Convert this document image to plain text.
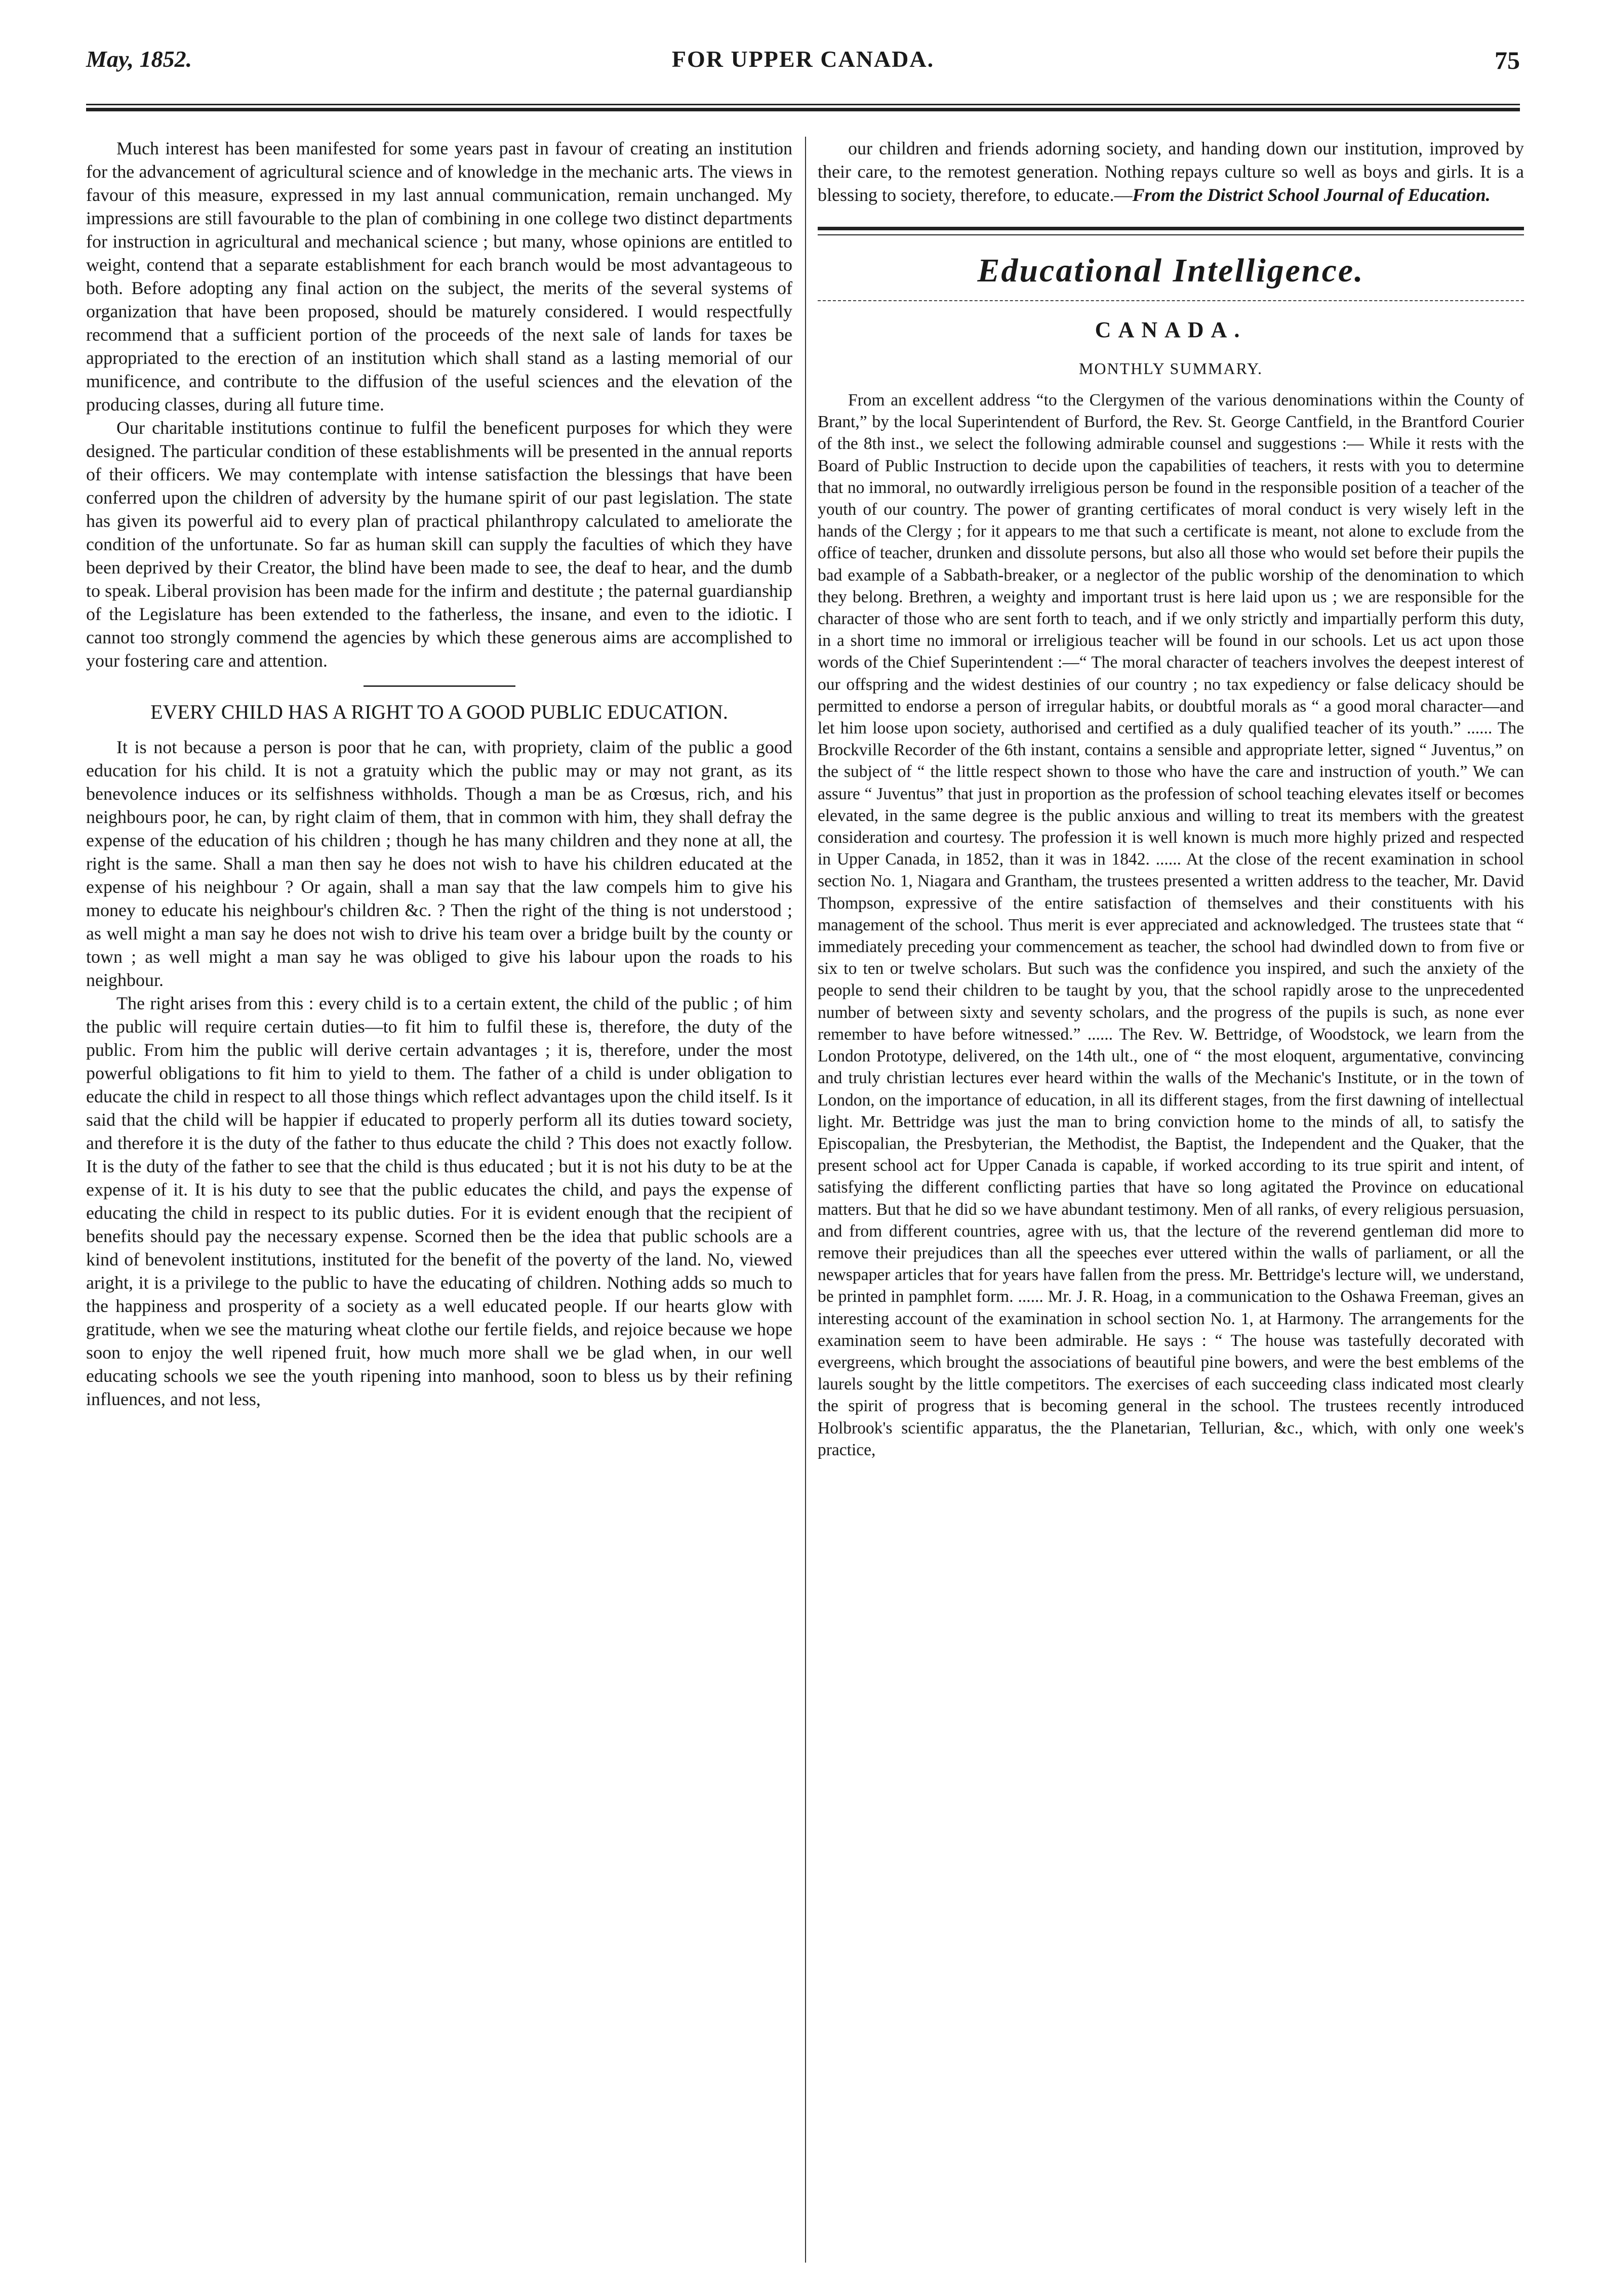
FOR UPPER CANADA.
May, 1852.	75

Much interest has been manifested for some years past in favour of creating an institution for the advancement of agricultural science and of knowledge in the mechanic arts. The views in favour of this measure, expressed in my last annual communication, remain unchanged. My impressions are still favourable to the plan of combining in one college two distinct departments for instruction in agricultural and mechanical science ; but many, whose opinions are entitled to weight, contend that a separate establishment for each branch would be most advantageous to both. Before adopting any final action on the subject, the merits of the several systems of organization that have been proposed, should be maturely considered. I would respectfully recommend that a sufficient portion of the proceeds of the next sale of lands for taxes be appropriated to the erection of an institution which shall stand as a lasting memorial of our munificence, and contribute to the diffusion of the useful sciences and the elevation of the producing classes, during all future time.

Our charitable institutions continue to fulfil the beneficent purposes for which they were designed. The particular condition of these establishments will be presented in the annual reports of their officers. We may contemplate with intense satisfaction the blessings that have been conferred upon the children of adversity by the humane spirit of our past legislation. The state has given its powerful aid to every plan of practical philanthropy calculated to ameliorate the condition of the unfortunate. So far as human skill can supply the faculties of which they have been deprived by their Creator, the blind have been made to see, the deaf to hear, and the dumb to speak. Liberal provision has been made for the infirm and destitute ; the paternal guardianship of the Legislature has been extended to the fatherless, the insane, and even to the idiotic. I cannot too strongly commend the agencies by which these generous aims are accomplished to your fostering care and attention.

EVERY CHILD HAS A RIGHT TO A GOOD PUBLIC EDUCATION.

It is not because a person is poor that he can, with propriety, claim of the public a good education for his child. It is not a gratuity which the public may or may not grant, as its benevolence induces or its selfishness withholds. Though a man be as Crœsus, rich, and his neighbours poor, he can, by right claim of them, that in common with him, they shall defray the expense of the education of his children ; though he has many children and they none at all, the right is the same. Shall a man then say he does not wish to have his children educated at the expense of his neighbour ? Or again, shall a man say that the law compels him to give his money to educate his neighbour's children &c. ? Then the right of the thing is not understood ; as well might a man say he does not wish to drive his team over a bridge built by the county or town ; as well might a man say he was obliged to give his labour upon the roads to his neighbour.

The right arises from this : every child is to a certain extent, the child of the public ; of him the public will require certain duties—to fit him to fulfil these is, therefore, the duty of the public. From him the public will derive certain advantages ; it is, therefore, under the most powerful obligations to fit him to yield to them. The father of a child is under obligation to educate the child in respect to all those things which reflect advantages upon the child itself. Is it said that the child will be happier if educated to properly perform all its duties toward society, and therefore it is the duty of the father to thus educate the child ? This does not exactly follow. It is the duty of the father to see that the child is thus educated ; but it is not his duty to be at the expense of it. It is his duty to see that the public educates the child, and pays the expense of educating the child in respect to its public duties. For it is evident enough that the recipient of benefits should pay the necessary expense. Scorned then be the idea that public schools are a kind of benevolent institutions, instituted for the benefit of the poverty of the land. No, viewed aright, it is a privilege to the public to have the educating of children. Nothing adds so much to the happiness and prosperity of a society as a well educated people. If our hearts glow with gratitude, when we see the maturing wheat clothe our fertile fields, and rejoice because we hope soon to enjoy the well ripened fruit, how much more shall we be glad when, in our well educating schools we see the youth ripening into manhood, soon to bless us by their refining influences, and not less,

our children and friends adorning society, and handing down our institution, improved by their care, to the remotest generation. Nothing repays culture so well as boys and girls. It is a blessing to society, therefore, to educate.—From the District School Journal of Education.

Educational Intelligence.
CANADA.
MONTHLY SUMMARY.

From an excellent address “to the Clergymen of the various denominations within the County of Brant,” by the local Superintendent of Burford, the Rev. St. George Cantfield, in the Brantford Courier of the 8th inst., we select the following admirable counsel and suggestions :— While it rests with the Board of Public Instruction to decide upon the capabilities of teachers, it rests with you to determine that no immoral, no outwardly irreligious person be found in the responsible position of a teacher of the youth of our country. The power of granting certificates of moral conduct is very wisely left in the hands of the Clergy ; for it appears to me that such a certificate is meant, not alone to exclude from the office of teacher, drunken and dissolute persons, but also all those who would set before their pupils the bad example of a Sabbath-breaker, or a neglector of the public worship of the denomination to which they belong. Brethren, a weighty and important trust is here laid upon us ; we are responsible for the character of those who are sent forth to teach, and if we only strictly and impartially perform this duty, in a short time no immoral or irreligious teacher will be found in our schools. Let us act upon those words of the Chief Superintendent :—“ The moral character of teachers involves the deepest interest of our offspring and the widest destinies of our country ; no tax expediency or false delicacy should be permitted to endorse a person of irregular habits, or doubtful morals as “ a good moral character—and let him loose upon society, authorised and certified as a duly qualified teacher of its youth.” ...... The Brockville Recorder of the 6th instant, contains a sensible and appropriate letter, signed “ Juventus,” on the subject of “ the little respect shown to those who have the care and instruction of youth.” We can assure “ Juventus” that just in proportion as the profession of school teaching elevates itself or becomes elevated, in the same degree is the public anxious and willing to treat its members with the greatest consideration and courtesy. The profession it is well known is much more highly prized and respected in Upper Canada, in 1852, than it was in 1842. ...... At the close of the recent examination in school section No. 1, Niagara and Grantham, the trustees presented a written address to the teacher, Mr. David Thompson, expressive of the entire satisfaction of themselves and their constituents with his management of the school. Thus merit is ever appreciated and acknowledged. The trustees state that “ immediately preceding your commencement as teacher, the school had dwindled down to from five or six to ten or twelve scholars. But such was the confidence you inspired, and such the anxiety of the people to send their children to be taught by you, that the school rapidly arose to the unprecedented number of between sixty and seventy scholars, and the progress of the pupils is such, as none ever remember to have before witnessed.” ...... The Rev. W. Bettridge, of Woodstock, we learn from the London Prototype, delivered, on the 14th ult., one of “ the most eloquent, argumentative, convincing and truly christian lectures ever heard within the walls of the Mechanic's Institute, or in the town of London, on the importance of education, in all its different stages, from the first dawning of intellectual light. Mr. Bettridge was just the man to bring conviction home to the minds of all, to satisfy the Episcopalian, the Presbyterian, the Methodist, the Baptist, the Independent and the Quaker, that the present school act for Upper Canada is capable, if worked according to its true spirit and intent, of satisfying the different conflicting parties that have so long agitated the Province on educational matters. But that he did so we have abundant testimony. Men of all ranks, of every religious persuasion, and from different countries, agree with us, that the lecture of the reverend gentleman did more to remove their prejudices than all the speeches ever uttered within the walls of parliament, or all the newspaper articles that for years have fallen from the press. Mr. Bettridge's lecture will, we understand, be printed in pamphlet form. ...... Mr. J. R. Hoag, in a communication to the Oshawa Freeman, gives an interesting account of the examination in school section No. 1, at Harmony. The arrangements for the examination seem to have been admirable. He says : “ The house was tastefully decorated with evergreens, which brought the associations of beautiful pine bowers, and were the best emblems of the laurels sought by the little competitors. The exercises of each succeeding class indicated most clearly the spirit of progress that is becoming general in the school. The trustees recently introduced Holbrook's scientific apparatus, the the Planetarian, Tellurian, &c., which, with only one week's practice,
